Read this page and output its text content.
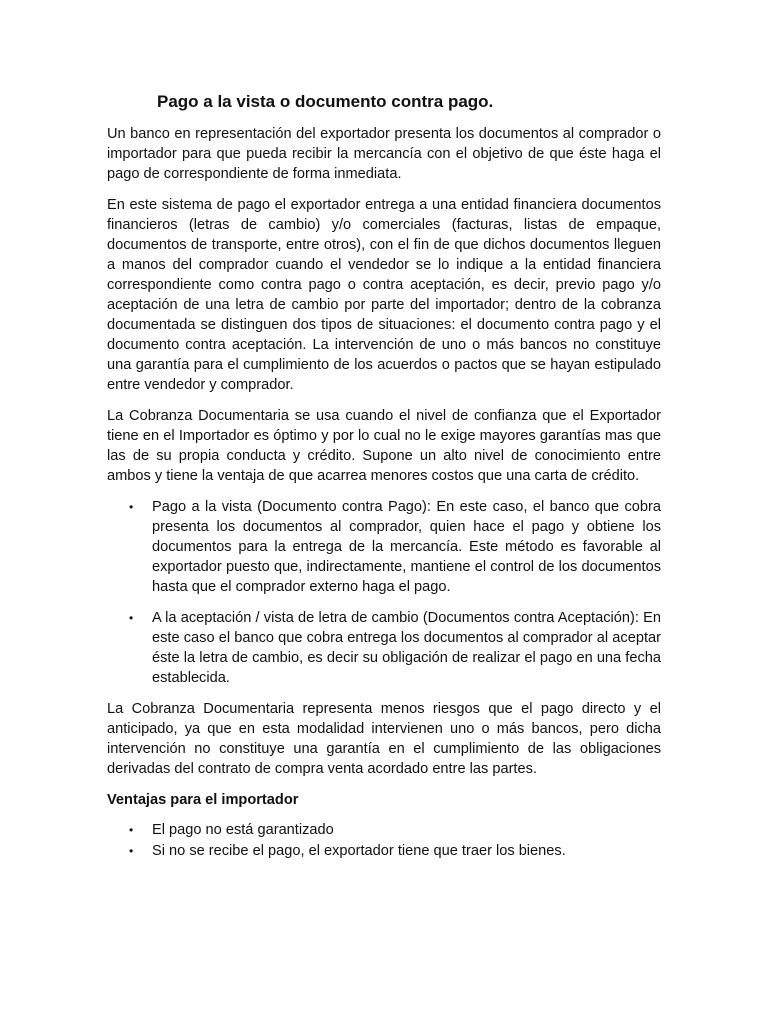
Pago a la vista o documento contra pago.

Un banco en representación del exportador presenta los documentos al comprador o importador para que pueda recibir la mercancía con el objetivo de que éste haga el pago de correspondiente de forma inmediata.

En este sistema de pago el exportador entrega a una entidad financiera documentos financieros (letras de cambio) y/o comerciales (facturas, listas de empaque, documentos de transporte, entre otros), con el fin de que dichos documentos lleguen a manos del comprador cuando el vendedor se lo indique a la entidad financiera correspondiente como contra pago o contra aceptación, es decir, previo pago y/o aceptación de una letra de cambio por parte del importador; dentro de la cobranza documentada se distinguen dos tipos de situaciones: el documento contra pago y el documento contra aceptación. La intervención de uno o más bancos no constituye una garantía para el cumplimiento de los acuerdos o pactos que se hayan estipulado entre vendedor y comprador.

La Cobranza Documentaria se usa cuando el nivel de confianza que el Exportador tiene en el Importador es óptimo y por lo cual no le exige mayores garantías mas que las de su propia conducta y crédito. Supone un alto nivel de conocimiento entre ambos y tiene la ventaja de que acarrea menores costos que una carta de crédito.

• Pago a la vista (Documento contra Pago): En este caso, el banco que cobra presenta los documentos al comprador, quien hace el pago y obtiene los documentos para la entrega de la mercancía. Este método es favorable al exportador puesto que, indirectamente, mantiene el control de los documentos hasta que el comprador externo haga el pago.
• A la aceptación / vista de letra de cambio (Documentos contra Aceptación): En este caso el banco que cobra entrega los documentos al comprador al aceptar éste la letra de cambio, es decir su obligación de realizar el pago en una fecha establecida.

La Cobranza Documentaria representa menos riesgos que el pago directo y el anticipado, ya que en esta modalidad intervienen uno o más bancos, pero dicha intervención no constituye una garantía en el cumplimiento de las obligaciones derivadas del contrato de compra venta acordado entre las partes.

Ventajas para el importador
• El pago no está garantizado
• Si no se recibe el pago, el exportador tiene que traer los bienes.
